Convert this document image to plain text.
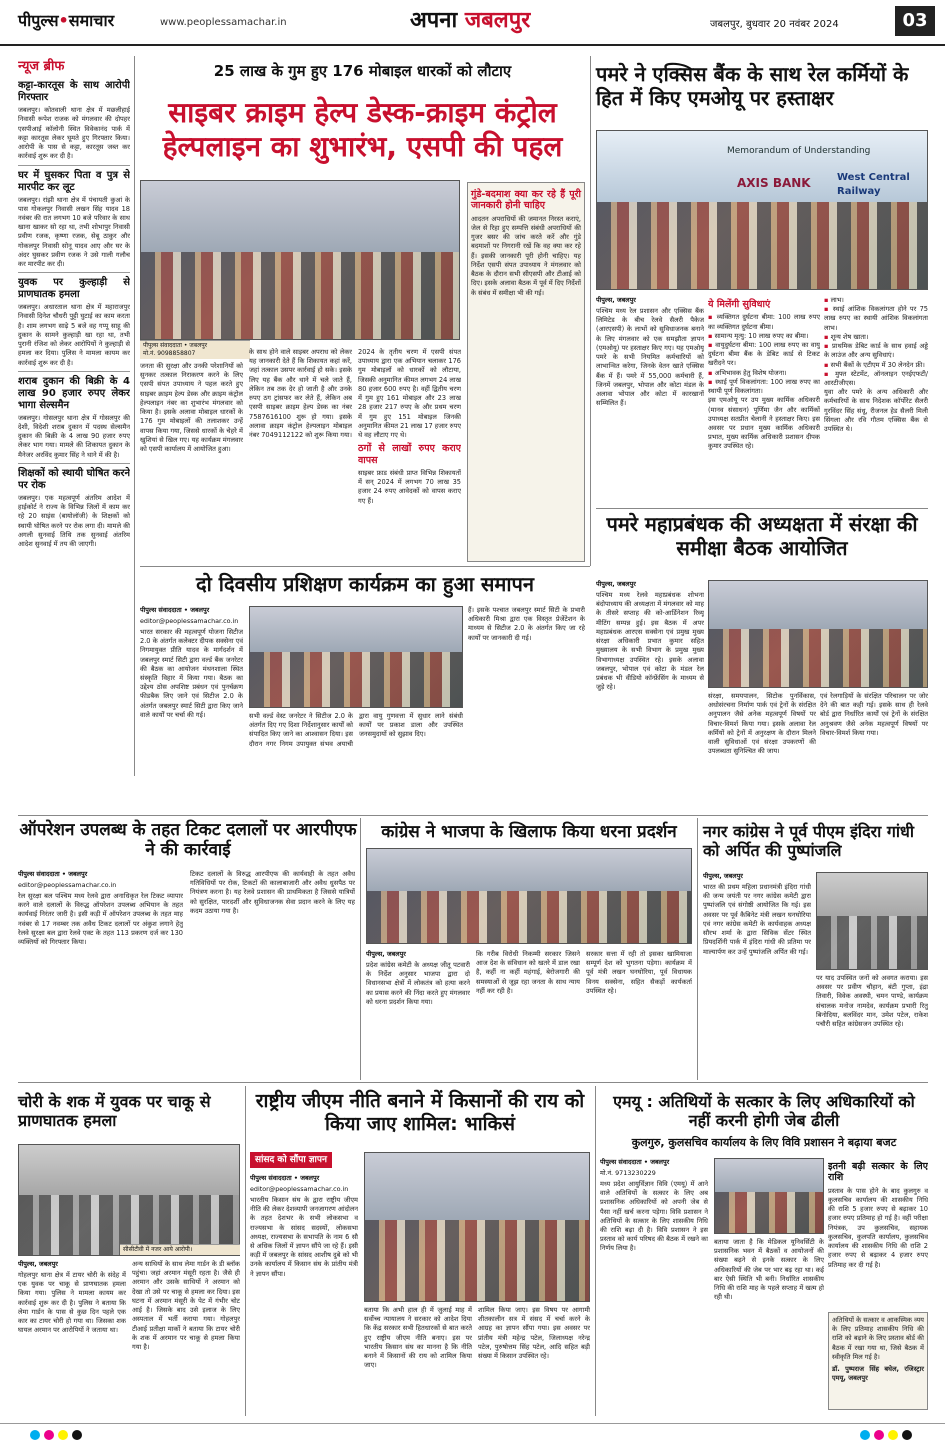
पीपुल्स•समाचार	www.peoplessamachar.in	अपना जबलपुर	जबलपुर, बुधवार 20 नवंबर 2024	03
न्यूज ब्रीफ
कट्टा-कारतूस के साथ आरोपी गिरफ्तार

जबलपुर। कोतवाली थाना क्षेत्र में मछलीहाई निवासी रूपेश राजक को मंगलवार की दोपहर एसपीआई कॉलोनी स्थित विवेकानंद पार्क में कट्टा कारतूस लेकर घूमते हुए गिरफ्तार किया। आरोपी के पास से कट्टा, कारतूस जब्त कर कार्रवाई शुरू कर दी है।

घर में घुसकर पिता व पुत्र से मारपीट कर लूट

जबलपुर। रांझी थाना क्षेत्र में पंचायती कुआं के पास गोकलपुर निवासी लखन सिंह यादव 18 नवंबर की रात लगभग 10 बजे परिवार के साथ खाना खाकर सो रहा था, तभी शोभापुर निवासी प्रवीण रजक, कृष्णा रजक, सेबू ठाकुर और गोकलपुर निवासी सोनू यादव आए और घर के अंदर घुसकर प्रवीण रजक ने उसे गाली गलौच कर मारपीट कर दी।

युवक पर कुल्हाड़ी से प्राणघातक हमला

जबलपुर। अधारताल थाना क्षेत्र में महाराजपुर निवासी दिनेश चौधरी पुट्टी घुटाई का काम करता है। शाम लगभग साढ़े 5 बजे वह गप्पू साहू की दुकान के सामने कुल्हाड़ी खा रहा था, तभी पुरानी रंजिश को लेकर आरोपियों ने कुल्हाड़ी से हमला कर दिया। पुलिस ने मामला कायम कर कार्रवाई शुरू कर दी है।

शराब दुकान की बिक्री के 4 लाख 90 हजार रुपए लेकर भागा सेल्समैन

जबलपुर। गोसलपुर थाना क्षेत्र में गोसलपुर की देशी, विदेशी शराब दुकान में पदस्थ सेल्समैन दुकान की बिक्री के 4 लाख 90 हजार रुपए लेकर भाग गया। मामले की शिकायत दुकान के मैनेजर अरविंद कुमार सिंह ने थाने में की है।

शिक्षकों को स्थायी घोषित करने पर रोक

जबलपुर। एक महत्वपूर्ण अंतरिम आदेश में हाईकोर्ट ने राज्य के विभिन्न जिलों में काम कर रहे 20 साइंस (बायोलॉजी) के शिक्षकों को स्थायी घोषित करने पर रोक लगा दी। मामले की अगली सुनवाई तिथि तक सुनवाई अंतरिम आदेश सुनवाई में तय की जाएगी।

25 लाख के गुम हुए 176 मोबाइल धारकों को लौटाए
साइबर क्राइम हेल्प डेस्क-क्राइम कंट्रोल हेल्पलाइन का शुभारंभ, एसपी की पहल
पीपुल्स संवाददाता • जबलपुर
मो.नं. 9098858807

जनता की सुरक्षा और उनकी परेशानियों को सुनकर तत्काल निराकरण करने के लिए एसपी संपत उपाध्याय ने पहल करते हुए साइबर क्राइम हेल्प डेस्क और क्राइम कंट्रोल हेल्पलाइन नंबर का शुभारंभ मंगलवार को किया है। इसके अलावा मोबाइल धारकों के 176 गुम मोबाइलों की तलाशकर उन्हें वापस किया गया, जिससे धारकों के चेहरे में खुशियां से खिल गए। यह कार्यक्रम मंगलवार को एसपी कार्यालय में आयोजित हुआ।

के साथ होने वाले साइबर अपराध को लेकर यह जानकारी देते हैं कि शिकायत कहां करें, जहां तत्काल उसपर कार्रवाई हो सके। इसके लिए यह बैंक और थाने में चले जाते हैं, लेकिन तब तक देर हो जाती है और उनके रुपए ठग ट्रांसफर कर लेते हैं, लेकिन अब एसपी साइबर क्राइम हेल्प डेस्क का नंबर 7587616100 शुरू हो गया। इसके अलावा क्राइम कंट्रोल हेल्पलाइन मोबाइल नंबर 7049112122 को शुरू किया गया।

2024 के तृतीय चरण में एसपी संपत उपाध्याय द्वारा एक अभियान चलाकर 176 गुम मोबाइलों को धारकों को लौटाया, जिसकी अनुमानित कीमत लगभग 24 लाख 80 हजार 600 रुपए है। वहीं द्वितीय चरण में गुम हुए 161 मोबाइल और 23 लाख 28 हजार 217 रुपए के और प्रथम चरण में गुम हुए 151 मोबाइल जिनकी अनुमानित कीमत 21 लाख 17 हजार रुपए थे वह लौटाए गए थे।

ठगों से लाखों रुपए कराए वापस

साइबर फ्राड संबंधी प्राप्त विभिन्न शिकायतों में सन् 2024 में लगभग 70 लाख 35 हजार 24 रुपए आवेदकों को वापस कराए गए हैं।

गुंडे-बदमाश क्या कर रहे हैं पूरी जानकारी होनी चाहिए

आदतन अपराधियों की जमानत निरस्त कराएं, जेल से रिहा हुए सम्पत्ति संबंधी अपराधियों की गुजर बसर की जांच करते करें और गुंडे बदमाशों पर निगरानी रखें कि वह क्या कर रहे हैं। इसकी जानकारी पूरी होनी चाहिए। यह निर्देश एसपी संपत उपाध्याय ने मंगलवार को बैठक के दौरान सभी सीएसपी और टीआई को दिए। इसके अलावा बैठक में पूर्व में दिए निर्देशों के संबंध में समीक्षा भी की गई।

पमरे ने एक्सिस बैंक के साथ रेल कर्मियों के हित में किए एमओयू पर हस्ताक्षर
Memorandum of Understanding
AXIS BANK	West Central Railway
पीपुल्स, जबलपुर

पश्चिम मध्य रेल प्रशासन और एक्सिस बैंक लिमिटेड के बीच रेलवे सैलरी पैकेज (आरएसपी) के लाभों को सुविधाजनक बनाने के लिए मंगलवार को एक समझौता ज्ञापन (एमओयू) पर हस्ताक्षर किए गए। यह एमओयू पमरे के सभी नियमित कर्मचारियों को लाभान्वित करेगा, जिनके वेतन खाते एक्सिस बैंक में हैं। पमरे में 55,000 कर्मचारी हैं, जिनमें जबलपुर, भोपाल और कोटा मंडल के अलावा भोपाल और कोटा में कारखानों सम्मिलित हैं।

ये मिलेंगी सुविधाएं
▪ व्यक्तिगत दुर्घटना बीमा: 100 लाख रुपए का व्यक्तिगत दुर्घटना बीमा।
▪ सामान्य मृत्यु: 10 लाख रुपए का बीमा।
▪ वायुदुर्घटना बीमा: 100 लाख रुपए का वायु दुर्घटना बीमा बैंक के डेबिट कार्ड से टिकट खरीदने पर।
▪ अभिभावक हेतु विशेष योजना।
▪ स्थाई पूर्ण विकलांगता: 100 लाख रुपए का स्थायी पूर्ण विकलांगता।

इस एमओयू पर उप मुख्य कार्मिक अधिकारी (मानव संसाधन) पूर्णिमा जैन और कार्मिकों उपाध्यक्ष सतप्रीत चेलानी ने हस्ताक्षर किए। इस अवसर पर प्रधान मुख्य कार्मिक अधिकारी प्रभात, मुख्य कार्मिक अधिकारी प्रशासन दीपक कुमार उपस्थित रहे।

▪ लाभ।
▪ स्थाई आंशिक विकलांगता होने पर 75 लाख रुपए का स्थायी आंशिक विकलांगता लाभ।
▪ शून्य शेष खाता।
▪ प्राथमिक डेबिट कार्ड के साथ हवाई अड्डे के लाउंज और अन्य सुविधाएं।
▪ सभी बैंकों के एटीएम में 30 लेनदेन फ्री।
▪ मुफ्त स्टेटमेंट, ऑनलाइन एनईएफटी/आरटीजीएस।

युवा और पमरे के अन्य अधिकारी और कर्मचारियों के साथ निदेशक कॉर्पोरेट सैलरी गुरविंदर सिंह संधू, रीजनल हेड सैलरी मिली सिंगला और रवि गौतम एक्सिस बैंक से उपस्थित थे।

पमरे महाप्रबंधक की अध्यक्षता में संरक्षा की समीक्षा बैठक आयोजित
पीपुल्स, जबलपुर

पश्चिम मध्य रेलवे महाप्रबंधक शोभना बंदोपाध्याय की अध्यक्षता में मंगलवार को माह के तीसरे सप्ताह की को-आर्डिनेशन रिव्यू मीटिंग सम्पन्न हुई। इस बैठक में अपर महाप्रबंधक आरएस सक्सेना एवं प्रमुख मुख्य संरक्षा अधिकारी प्रभात कुमार सहित मुख्यालय के सभी विभाग के प्रमुख मुख्य विभागाध्यक्ष उपस्थित रहे। इसके अलावा जबलपुर, भोपाल एवं कोटा के मंडल रेल प्रबंधक भी वीडियो कॉन्फ्रेंसिंग के माध्यम से जुड़े रहे।

संरक्षा, समयपालन, सिटोक पुनर्विकास, अधोसंरचना निर्माण पार्क एवं ट्रेनों के संरक्षित अनुपालन जैसे अनेक महत्वपूर्ण विषयों पर विचार-विमर्श किया गया। इसके अलावा रेल कर्मियों को ट्रेनों में अनुरक्षण के दौरान मिलने वाली सुविधाओं एवं संरक्षा उपकरणों की उपलब्धता सुनिश्चित की जाय।

एवं रेलगाड़ियों के संरक्षित परिचालन पर जोर देने की बात कही गई। इसके साथ ही रेलवे बोर्ड द्वारा निर्धारित कार्यों एवं ट्रेनों के संरक्षित अनुश्रवण जैसे अनेक महत्वपूर्ण विषयों पर विचार-विमर्श किया गया।

दो दिवसीय प्रशिक्षण कार्यक्रम का हुआ समापन
पीपुल्स संवाददाता • जबलपुर
editor@peoplessamachar.co.in

भारत सरकार की महत्वपूर्ण योजना सिटीज 2.0 के अंतर्गत कलेक्टर दीपक सक्सेना एवं निगमायुक्त प्रीति यादव के मार्गदर्शन में जबलपुर स्मार्ट सिटी द्वारा वर्ल्ड बैंक जनरेटर की बैठक का आयोजन मंथनशाला स्थित संस्कृति विहार में किया गया। बैठक का उद्देश्य ठोस अपशिष्ट प्रबंधन एवं पुनर्चक्रण फीडबैक लिए जाने एवं सिटीज 2.0 के अंतर्गत जबलपुर स्मार्ट सिटी द्वारा किए जाने वाले कार्यों पर चर्चा की गई।	सभी वर्ल्ड वेस्ट जनरेटर ने सिटीज 2.0 के अंतर्गत दिए गए दिशा निर्देशानुसार कार्यों को संपादित किए जाने का आश्वासन दिया। इस दौरान नगर निगम उपायुक्त संभव अयाची द्वारा वायु गुणवत्ता में सुधार लाने संबंधी कार्यों पर प्रकाश डाला और उपस्थित जनसमुदायों को सुझाव दिए।

हैं। इसके पश्चात जबलपुर स्मार्ट सिटी के प्रभारी अधिकारी मिश्रा द्वारा एक विस्तृत प्रेजेंटेशन के माध्यम से सिटीज 2.0 के अंतर्गत किए जा रहे कार्यों पर जानकारी दी गई।

ऑपरेशन उपलब्ध के तहत टिकट दलालों पर आरपीएफ ने की कार्रवाई
पीपुल्स संवाददाता • जबलपुर
editor@peoplessamachar.co.in

रेल सुरक्षा बल पश्चिम मध्य रेलवे द्वारा अनाधिकृत रेल टिकट व्यापार करने वाले दलालों के विरुद्ध ऑपरेशन उपलब्ध अभियान के तहत कार्यवाई निरंतर जारी है। इसी कड़ी में ऑपरेशन उपलब्ध के तहत माह नवंबर से 17 नवम्बर तक अवैध टिकट दलालों पर अंकुश लगाने हेतु रेलवे सुरक्षा बल द्वारा रेलवे एक्ट के तहत 113 प्रकरण दर्ज कर 130 व्यक्तियों को गिरफ्तार किया।

टिकट दलालों के विरुद्ध आरपीएफ की कार्यवाही के तहत अवैध गतिविधियों पर रोक, टिकटों की कालाबाजारी और अवैध धुसपैठ पर नियंत्रण करना है। यह रेलवे प्रशासन की प्राथमिकता है जिससे यात्रियों को सुरक्षित, पारदर्शी और सुविधाजनक सेवा प्रदान करने के लिए यह कदम उठाया गया है।

कांग्रेस ने भाजपा के खिलाफ किया धरना प्रदर्शन
पीपुल्स, जबलपुर

प्रदेश कांग्रेस कमेटी के अध्यक्ष जीतू पटवारी के निर्देश अनुसार भाजपा द्वारा दो विधानसभा क्षेत्रों में लोकतंत्र को हत्या करने का प्रयास करने की निंदा करते हुए मंगलवार को धरना प्रदर्शन किया गया।

कि गरीब विरोधी निकम्मी सरकार जिसने आज देश के संविधान को खतरे में डाल रखा है, कहीं ना कहीं महंगाई, बेरोजगारी की समस्याओं से जूझ रहा जनता के साथ न्याय नहीं कर रही है।

सरकार सत्ता में रही तो इसका खामियाजा सम्पूर्ण देश को भुगतना पड़ेगा। कार्यक्रम में पूर्व मंत्री लखन घनघोरिया, पूर्व विधायक विनय सक्सेना, सहित सैकड़ों कार्यकर्ता उपस्थित रहे।

नगर कांग्रेस ने पूर्व पीएम इंदिरा गांधी को अर्पित की पुष्पांजलि
पीपुल्स, जबलपुर

भारत की प्रथम महिला प्रधानमंत्री इंदिरा गांधी की जन्म जयंती पर नगर कांग्रेस कमेटी द्वारा पुष्पांजलि एवं संगोष्ठी आयोजित कि गई। इस अवसर पर पूर्व कैबिनेट मंत्री लखन घनघोरिया एवं नगर कांग्रेस कमेटी के कार्यवाहक अध्यक्ष सौरभ शर्मा के द्वारा सिविक सेंटर स्थित प्रियदर्शिनी पार्क में इंदिरा गांधी की प्रतिमा पर माल्यार्पण कर उन्हें पुष्पांजलि अर्पित की गई।

पर याद उपस्थित जनों को अवगत कराया। इस अवसर पर प्रवीण चौहान, बंटी गुप्ता, इंद्रा तिवारी, विवेक अवस्थी, चमन पाण्डे, कार्यक्रम संचालक मनोज नामदेव, कार्यक्रम प्रभारी रितु बिनोदिया, बलविंदर मान, उमेश पटेल, राकेश पचौरी सहित कांग्रेसजन उपस्थित रहे।

चोरी के शक में युवक पर चाकू से प्राणघातक हमला
सीसीटीवी में नजर आये आरोपी।
पीपुल्स, जबलपुर

गोहलपुर थाना क्षेत्र में टायर चोरी के संदेह में एक युवक पर चाकू से प्राणघातक हमला किया गया। पुलिस ने मामला कायम कर कार्रवाई शुरू कर दी है। पुलिस ने बताया कि लेमा गार्डन के पास से कुछ दिन पहले एक कार का टायर चोरी हो गया था। जिसका शक घायल अरमान पर आरोपियों ने जताया था।

अन्य साथियों के साथ लेमा गार्डन के डी ब्लॉक पहुंचा। जहां अरमान मंसूरी रहता है। जैसे ही अरमान और उसके साथियों ने अरमान को देखा तो उसे पर चाकू से हमला कर दिया। इस घटना में अरमान मंसूरी के पेट में गंभीर चोट आई है। जिसके बाद उसे इलाज के लिए अस्पताल में भर्ती कराया गया। गोहलपुर टीआई प्रतीक्षा मार्को ने बताया कि टायर चोरी के शक में अरमान पर चाकू से हमला किया गया है।

राष्ट्रीय जीएम नीति बनाने में किसानों की राय को किया जाए शामिल: भाकिसं
सांसद को सौंपा ज्ञापन
पीपुल्स संवाददाता • जबलपुर
editor@peoplessamachar.co.in

भारतीय किसान संघ के द्वारा राष्ट्रीय जीएम नीति की लेकर देशव्यापी जनजागरण आंदोलन के तहत देशभर के सभी लोकसभा व राज्यसभा के सांसद सदस्यों, लोकसभा अध्यक्ष, राज्यसभा के सभापति के नाम 6 सौ से अधिक जिलों में ज्ञापन सौंपे जा रहे हैं। इसी कड़ी में जबलपुर के सांसद आशीष दुबे को भी उनके कार्यालय में किसान संघ के प्रांतीय मंत्री ने ज्ञापन सौंपा।

बताया कि अभी हाल ही में जुलाई माह में सर्वोच्च न्यायालय ने सरकार को आदेश दिया कि केंद्र सरकार सभी हितधारकों से बात करते हुए राष्ट्रीय जीएम नीति बनाए। इस पर भारतीय किसान संघ का मानना है कि नीति बनाने में किसानों की राय को शामिल किया जाए।

शामिल किया जाए। इस विषय पर आगामी शीतकालीन सत्र में संसद में चर्चा करने के आग्रह का ज्ञापन सौंपा गया। इस अवसर पर प्रांतीय मंत्री महेन्द्र पटेल, जिलाध्यक्ष नरेन्द्र पटेल, पुरुषोत्तम सिंह पटेल, आदि सहित बड़ी संख्या में किसान उपस्थित रहे।

एमयू : अतिथियों के सत्कार के लिए अधिकारियों को नहीं करनी होगी जेब ढीली
कुलगुरु, कुलसचिव कार्यालय के लिए विवि प्रशासन ने बढ़ाया बजट
पीपुल्स संवाददाता • जबलपुर
मो.नं. 9713230229

मध्य प्रदेश आयुर्विज्ञान विवि (एमयू) में आने वाले अतिथियों के सत्कार के लिए अब प्रशासनिक अधिकारियों को अपनी जेब से पैसा नहीं खर्च करना पड़ेगा। विवि प्रशासन ने अतिथियों के सत्कार के लिए शासकीय निधि की राशि बढ़ा दी है। विवि प्रशासन ने इस प्रस्ताव को कार्य परिषद की बैठक में रखने का निर्णय लिया है।

बताया जाता है कि मेडिकल यूनिवर्सिटी के प्रशासनिक भवन में बैठकों व आयोजनों की संख्या बढ़ने से इनके सत्कार के लिए अधिकारियों की जेब पर भार बढ़ रहा था। कई बार ऐसी स्थिति भी बनी। निर्धारित शासकीय निधि की राशि माह के पहले सप्ताह में खत्म हो रही थी।

इतनी बढ़ी सत्कार के लिए राशि

प्रस्ताव के पास होने के बाद कुलगुरु व कुलसचिव कार्यालय की शासकीय निधि की राशि 5 हजार रुपए से बढ़ाकर 10 हजार रुपए प्रतिमाह हो गई है। वहीं परीक्षा नियंत्रक, उप कुलसचिव, सहायक कुलसचिव, कुलपति कार्यालय, कुलसचिव कार्यालय की शासकीय निधि की राशि 2 हजार रुपए से बढ़ाकर 4 हजार रुपए प्रतिमाह कर दी गई है।

अतिथियों के सत्कार व आकस्मिक व्यय के लिए प्रतिमाह शासकीय निधि की राशि को बढ़ाने के लिए प्रस्ताव बोर्ड की बैठक में रखा गया था, जिसे बैठक में स्वीकृति मिल गई है।

डॉ. पुष्पराज सिंह बघेल, रजिस्ट्रार एमयू, जबलपुर
